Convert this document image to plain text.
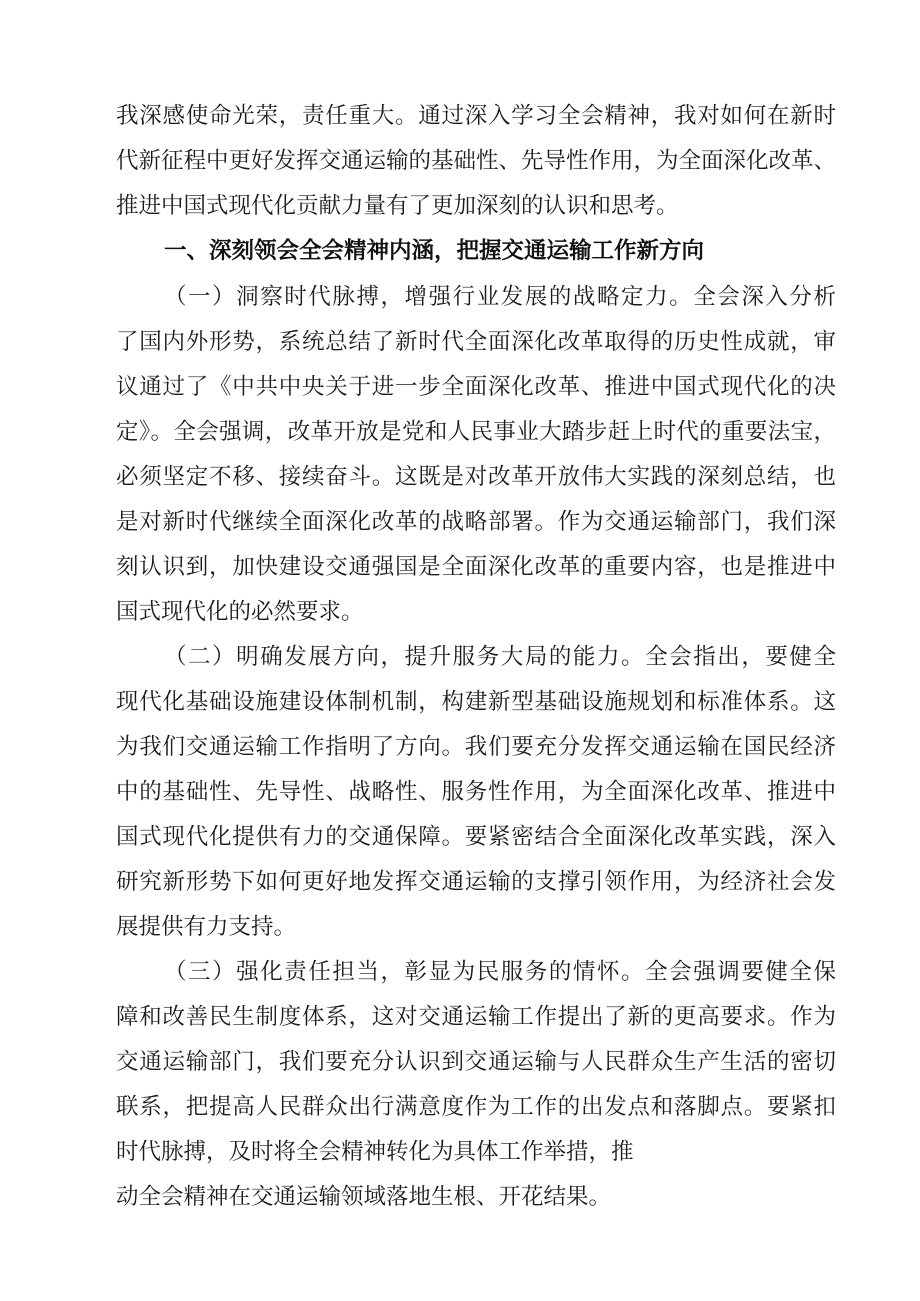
我深感使命光荣，责任重大。通过深入学习全会精神，我对如何在新时
代新征程中更好发挥交通运输的基础性、先导性作用，为全面深化改革、
推进中国式现代化贡献力量有了更加深刻的认识和思考。
一、深刻领会全会精神内涵，把握交通运输工作新方向
（一）洞察时代脉搏，增强行业发展的战略定力。全会深入分析
了国内外形势，系统总结了新时代全面深化改革取得的历史性成就，审
议通过了《中共中央关于进一步全面深化改革、推进中国式现代化的决
定》。全会强调，改革开放是党和人民事业大踏步赶上时代的重要法宝，
必须坚定不移、接续奋斗。这既是对改革开放伟大实践的深刻总结，也
是对新时代继续全面深化改革的战略部署。作为交通运输部门，我们深
刻认识到，加快建设交通强国是全面深化改革的重要内容，也是推进中
国式现代化的必然要求。
（二）明确发展方向，提升服务大局的能力。全会指出，要健全
现代化基础设施建设体制机制，构建新型基础设施规划和标准体系。这
为我们交通运输工作指明了方向。我们要充分发挥交通运输在国民经济
中的基础性、先导性、战略性、服务性作用，为全面深化改革、推进中
国式现代化提供有力的交通保障。要紧密结合全面深化改革实践，深入
研究新形势下如何更好地发挥交通运输的支撑引领作用，为经济社会发
展提供有力支持。
（三）强化责任担当，彰显为民服务的情怀。全会强调要健全保
障和改善民生制度体系，这对交通运输工作提出了新的更高要求。作为
交通运输部门，我们要充分认识到交通运输与人民群众生产生活的密切
联系，把提高人民群众出行满意度作为工作的出发点和落脚点。要紧扣
时代脉搏，及时将全会精神转化为具体工作举措，推
动全会精神在交通运输领域落地生根、开花结果。
